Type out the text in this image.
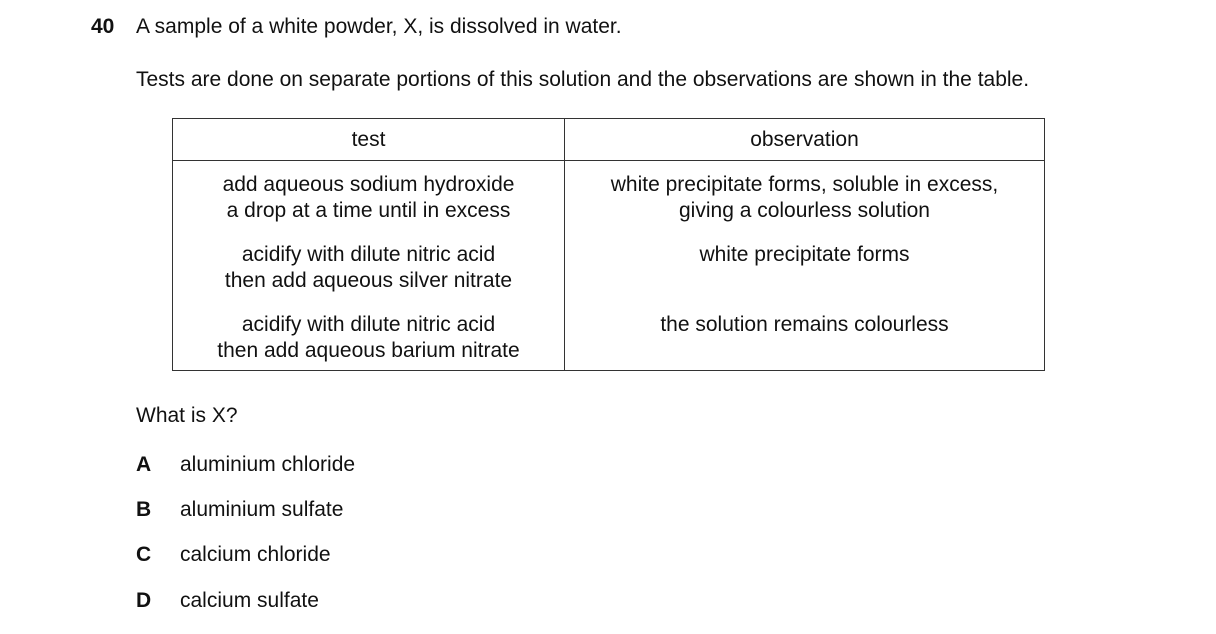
40 A sample of a white powder, X, is dissolved in water.
Tests are done on separate portions of this solution and the observations are shown in the table.
test	observation

add aqueous sodium hydroxide
a drop at a time until in excess	white precipitate forms, soluble in excess,
giving a colourless solution

acidify with dilute nitric acid
then add aqueous silver nitrate	white precipitate forms

acidify with dilute nitric acid
then add aqueous barium nitrate	the solution remains colourless
What is X?
A aluminium chloride
B aluminium sulfate
C calcium chloride
D calcium sulfate
